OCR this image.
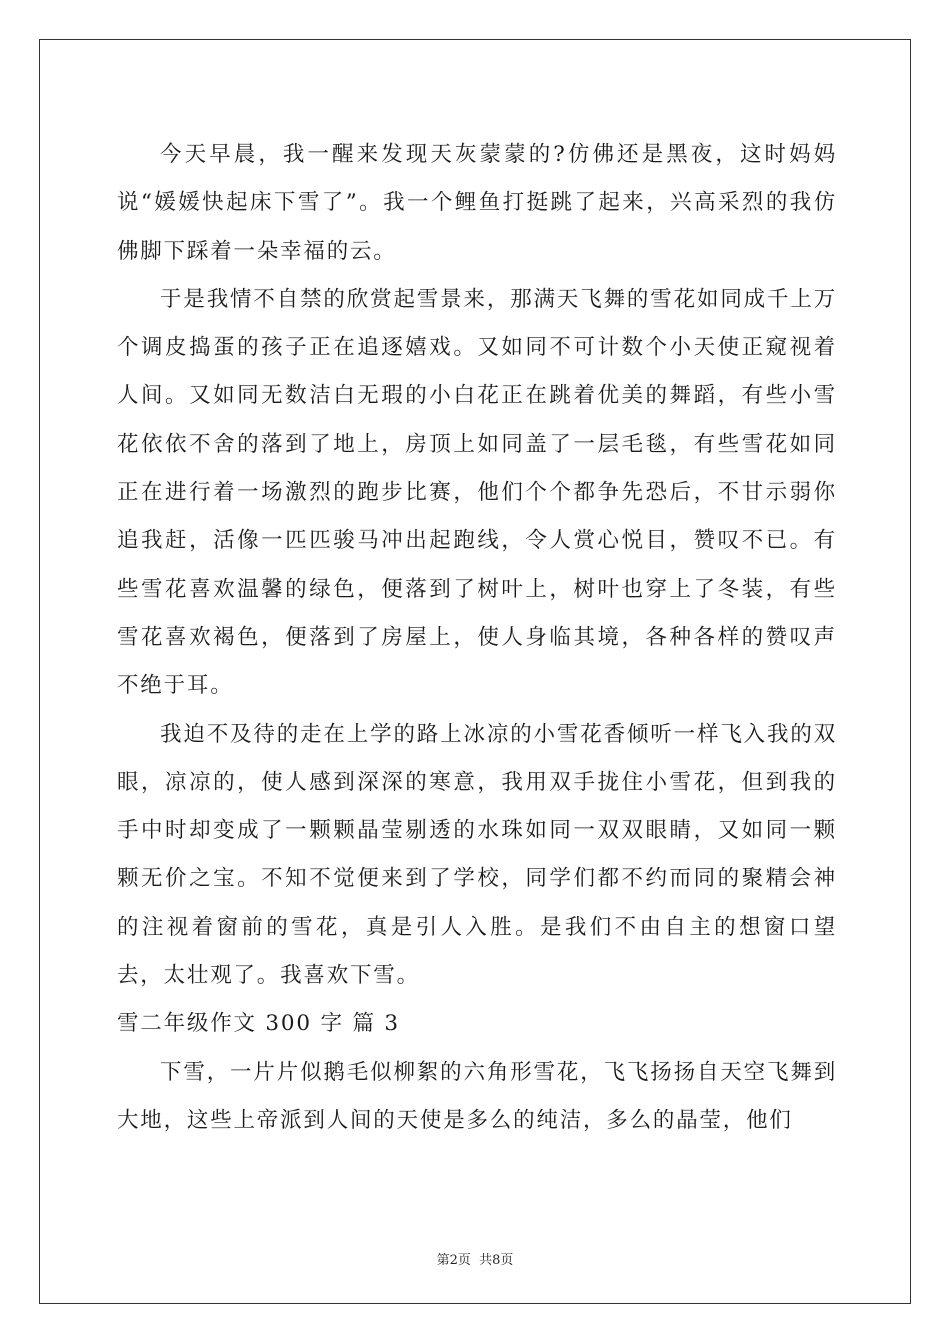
今天早晨，我一醒来发现天灰蒙蒙的?仿佛还是黑夜，这时妈妈说“媛媛快起床下雪了”。我一个鲤鱼打挺跳了起来，兴高采烈的我仿佛脚下踩着一朵幸福的云。

于是我情不自禁的欣赏起雪景来，那满天飞舞的雪花如同成千上万个调皮捣蛋的孩子正在追逐嬉戏。又如同不可计数个小天使正窥视着人间。又如同无数洁白无瑕的小白花正在跳着优美的舞蹈，有些小雪花依依不舍的落到了地上，房顶上如同盖了一层毛毯，有些雪花如同正在进行着一场激烈的跑步比赛，他们个个都争先恐后，不甘示弱你追我赶，活像一匹匹骏马冲出起跑线，令人赏心悦目，赞叹不已。有些雪花喜欢温馨的绿色，便落到了树叶上，树叶也穿上了冬装，有些雪花喜欢褐色，便落到了房屋上，使人身临其境，各种各样的赞叹声不绝于耳。

我迫不及待的走在上学的路上冰凉的小雪花香倾听一样飞入我的双眼，凉凉的，使人感到深深的寒意，我用双手拢住小雪花，但到我的手中时却变成了一颗颗晶莹剔透的水珠如同一双双眼睛，又如同一颗颗无价之宝。不知不觉便来到了学校，同学们都不约而同的聚精会神的注视着窗前的雪花，真是引人入胜。是我们不由自主的想窗口望去，太壮观了。我喜欢下雪。

雪二年级作文 300 字 篇 3

下雪，一片片似鹅毛似柳絮的六角形雪花，飞飞扬扬自天空飞舞到大地，这些上帝派到人间的天使是多么的纯洁，多么的晶莹，他们

第2页 共8页
